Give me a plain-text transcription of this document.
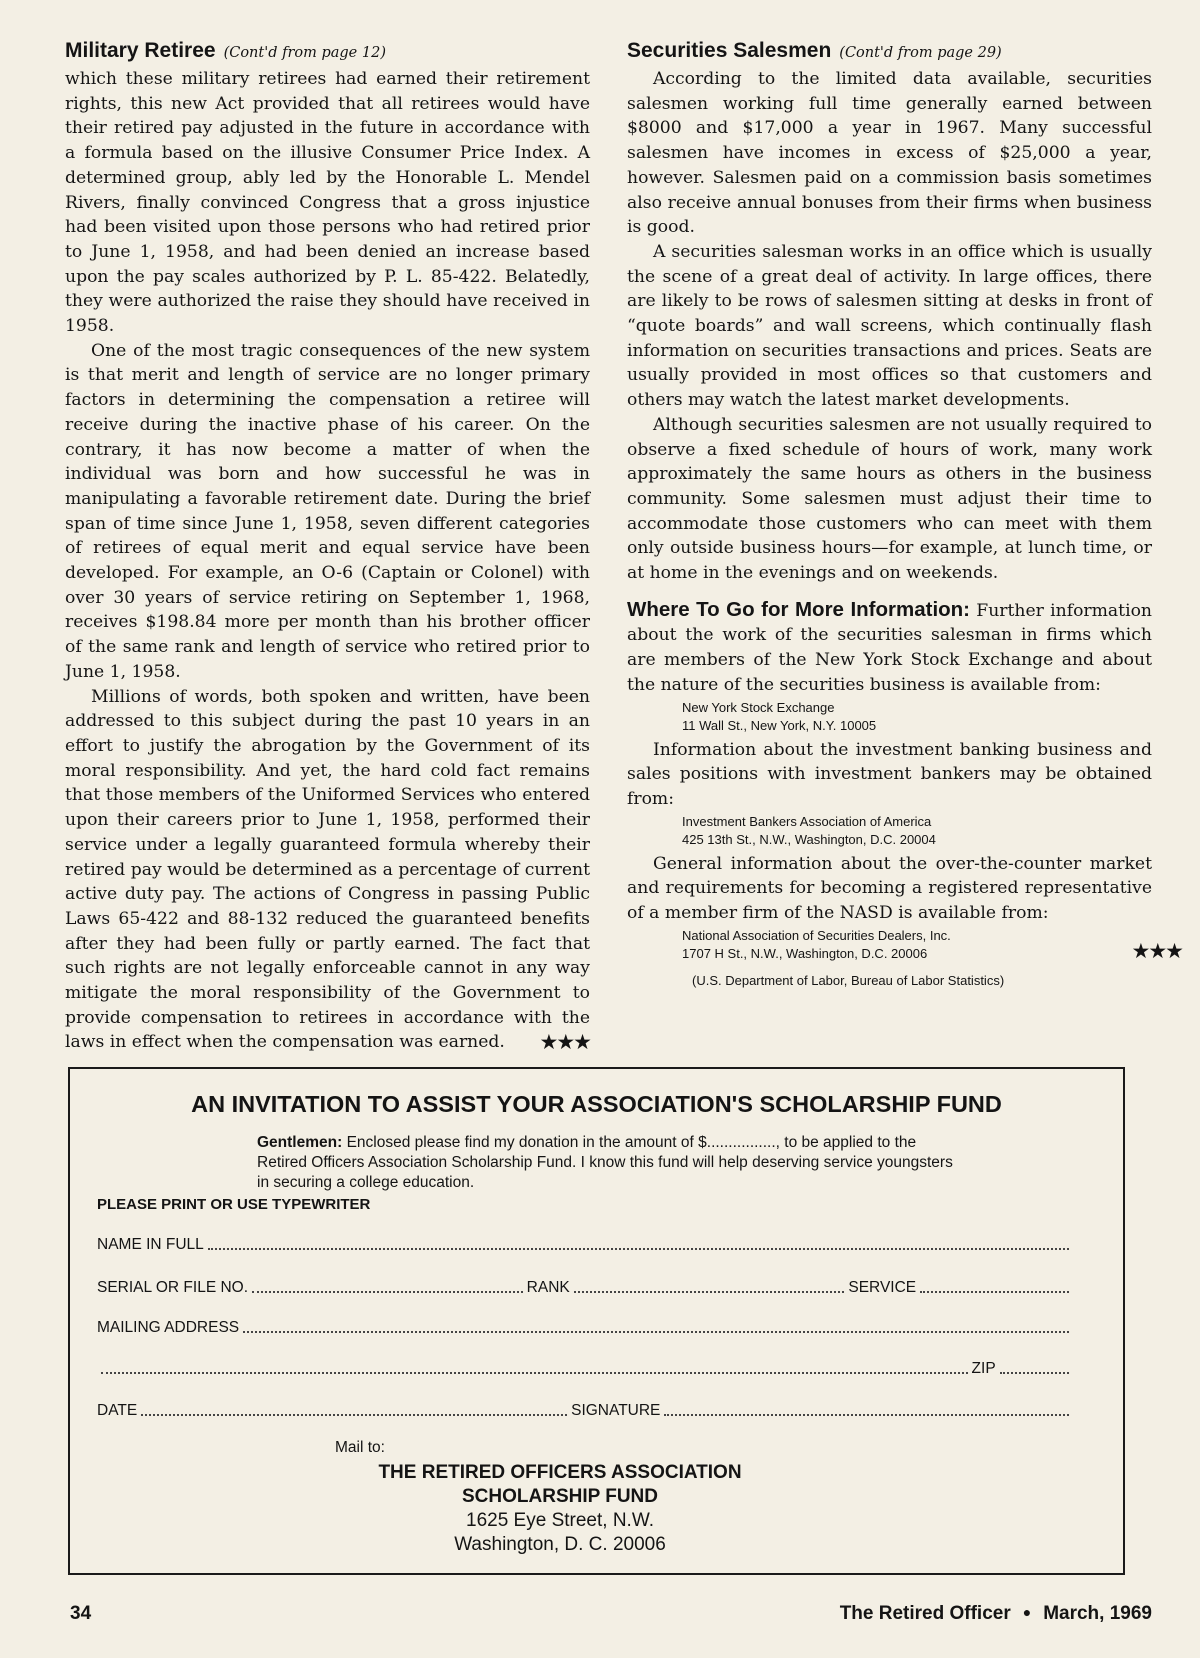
Military Retiree (Cont'd from page 12)

which these military retirees had earned their retirement rights, this new Act provided that all retirees would have their retired pay adjusted in the future in accordance with a formula based on the illusive Consumer Price Index. A determined group, ably led by the Honorable L. Mendel Rivers, finally convinced Congress that a gross injustice had been visited upon those persons who had retired prior to June 1, 1958, and had been denied an increase based upon the pay scales authorized by P. L. 85-422. Belatedly, they were authorized the raise they should have received in 1958.

One of the most tragic consequences of the new system is that merit and length of service are no longer primary factors in determining the compensation a retiree will receive during the inactive phase of his career. On the contrary, it has now become a matter of when the individual was born and how successful he was in manipulating a favorable retirement date. During the brief span of time since June 1, 1958, seven different categories of retirees of equal merit and equal service have been developed. For example, an O-6 (Captain or Colonel) with over 30 years of service retiring on September 1, 1968, receives $198.84 more per month than his brother officer of the same rank and length of service who retired prior to June 1, 1958.

Millions of words, both spoken and written, have been addressed to this subject during the past 10 years in an effort to justify the abrogation by the Government of its moral responsibility. And yet, the hard cold fact remains that those members of the Uniformed Services who entered upon their careers prior to June 1, 1958, performed their service under a legally guaranteed formula whereby their retired pay would be determined as a percentage of current active duty pay. The actions of Congress in passing Public Laws 65-422 and 88-132 reduced the guaranteed benefits after they had been fully or partly earned. The fact that such rights are not legally enforceable cannot in any way mitigate the moral responsibility of the Government to provide compensation to retirees in accordance with the laws in effect when the compensation was earned.	★★★

Securities Salesmen (Cont'd from page 29)

According to the limited data available, securities salesmen working full time generally earned between $8000 and $17,000 a year in 1967. Many successful salesmen have incomes in excess of $25,000 a year, however. Salesmen paid on a commission basis sometimes also receive annual bonuses from their firms when business is good.

A securities salesman works in an office which is usually the scene of a great deal of activity. In large offices, there are likely to be rows of salesmen sitting at desks in front of “quote boards” and wall screens, which continually flash information on securities transactions and prices. Seats are usually provided in most offices so that customers and others may watch the latest market developments.

Although securities salesmen are not usually required to observe a fixed schedule of hours of work, many work approximately the same hours as others in the business community. Some salesmen must adjust their time to accommodate those customers who can meet with them only outside business hours—for example, at lunch time, or at home in the evenings and on weekends.

Where To Go for More Information: Further information about the work of the securities salesman in firms which are members of the New York Stock Exchange and about the nature of the securities business is available from:

New York Stock Exchange
11 Wall St., New York, N.Y. 10005

Information about the investment banking business and sales positions with investment bankers may be obtained from:

Investment Bankers Association of America
425 13th St., N.W., Washington, D.C. 20004

General information about the over-the-counter market and requirements for becoming a registered representative of a member firm of the NASD is available from:

National Association of Securities Dealers, Inc.
1707 H St., N.W., Washington, D.C. 20006	★★★
(U.S. Department of Labor, Bureau of Labor Statistics)
AN INVITATION TO ASSIST YOUR ASSOCIATION'S SCHOLARSHIP FUND
Gentlemen: Enclosed please find my donation in the amount of $................, to be applied to the Retired Officers Association Scholarship Fund. I know this fund will help deserving service youngsters in securing a college education.
PLEASE PRINT OR USE TYPEWRITER
NAME IN FULL
SERIAL OR FILE NO.	RANK	SERVICE
MAILING ADDRESS
ZIP
DATE	SIGNATURE
Mail to:
THE RETIRED OFFICERS ASSOCIATION
SCHOLARSHIP FUND
1625 Eye Street, N.W.
Washington, D. C. 20006
34	The Retired Officer ● March, 1969
